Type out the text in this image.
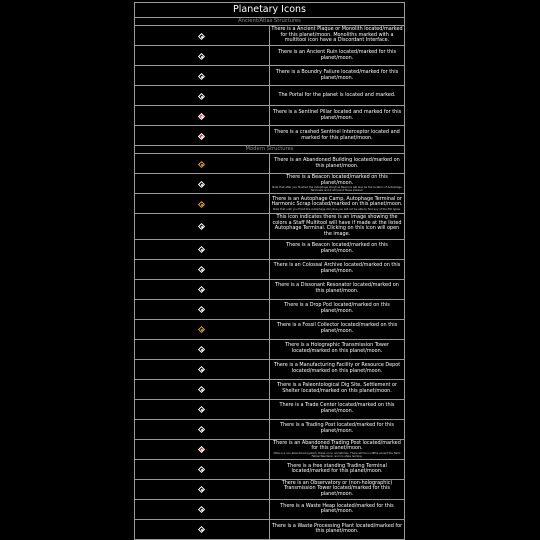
Planetary Icons	
Ancient/Atlas Structures	

	There is a Ancient Plaque or Monolith located/marked for this planet/moon. Monoliths marked with a multitool icon have a Discordant Interface.

	There is an Ancient Ruin located/marked for this planet/moon.

	There is a Boundry Failure located/marked for this planet/moon.

	The Portal for the planet is located and marked.

	There is a Sentinel Pillar located and marked for this planet/moon.

	There is a crashed Sentinel Interceptor located and marked for this planet/moon.
Modern Structures	

	There is an Abandoned Building located/marked on this planet/moon.

	There is a Beacon located/marked on this planet/moon.
Note that after you finished the Autophage storyline Beacons will also be the location of Autophage Terminals and it will point those instead.

	There is an Autophage Camp, Autophage Terminal or Harmonic Scrap located/marked on this planet/moon.
Note that until you finish the Autophage storyline you will not be able to find any of the POI types.

	This icon indicates there is an image showing the colors a Staff Multitool will have if made at the listed Autophage Terminal. Clicking on this icon will open the image.

	There is a Beacon located/marked on this planet/moon.

	There is an Colossal Archive located/marked on this planet/moon.

	There is a Dissonant Resonator located/marked on this planet/moon.

	There is a Drop Pod located/marked on this planet/moon.

	There is a Fossil Collector located/marked on this planet/moon.

	There is a Holographic Transmission Tower located/marked on this planet/moon.

	There is a Manufacturing Facility or Resource Depot located/marked on this planet/moon.

	There is a Paleontological Dig Site, Settlement or Shelter located/marked on this planet/moon.

	There is a Trade Center located/marked on this planet/moon.

	There is a Trading Post located/marked for this planet/moon.

	There is an Abandoned Trading Post located/marked for this planet/moon.
Note is a non-abandoned system, these occur sometimes. There will be no NPCs except the Hello Fellow Wanderer, and no ships landing.

	There is a free standing Trading Terminal located/marked for this planet/moon.

	There is an Observatory or (non-holographic) Transmission Tower located/marked for this planet/moon.

	There is a Waste Heap located/marked for this planet/moon.

	There is a Waste Processing Plant located/marked for this planet/moon.
